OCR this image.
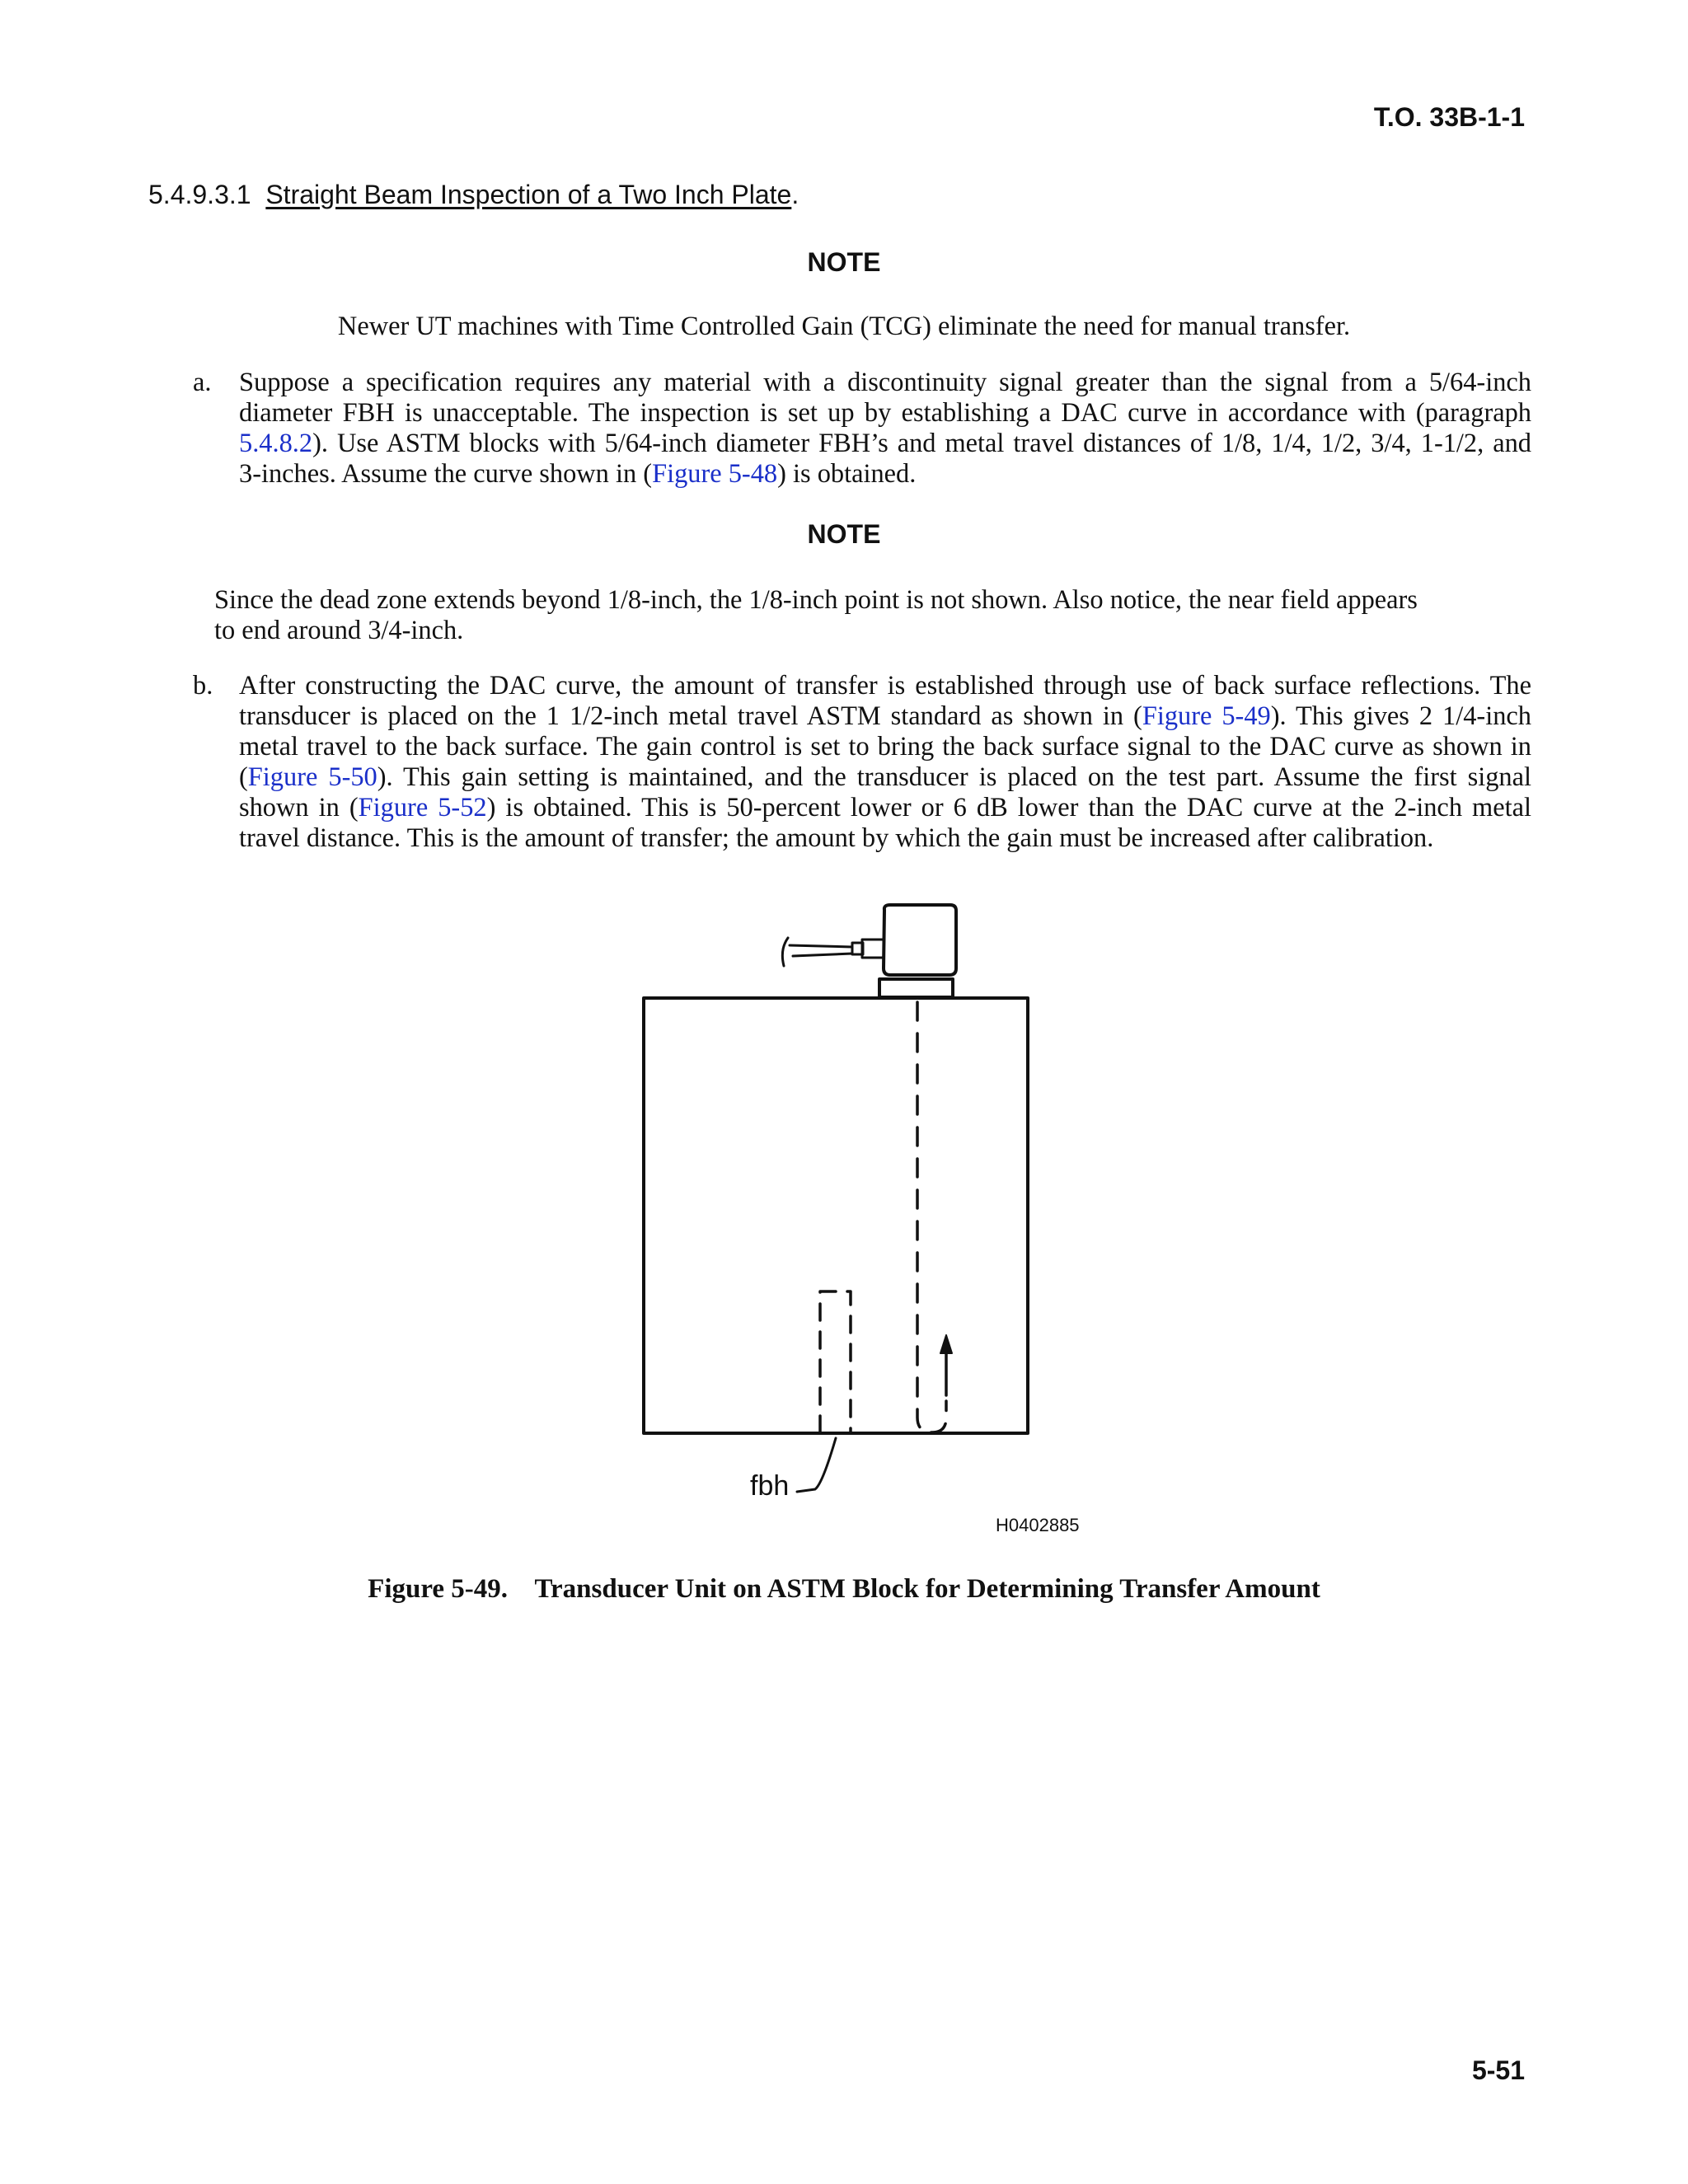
T.O. 33B-1-1
5.4.9.3.1 Straight Beam Inspection of a Two Inch Plate.
NOTE
Newer UT machines with Time Controlled Gain (TCG) eliminate the need for manual transfer.
a. Suppose a specification requires any material with a discontinuity signal greater than the signal from a 5/64-inch
diameter FBH is unacceptable. The inspection is set up by establishing a DAC curve in accordance with (paragraph
5.4.8.2). Use ASTM blocks with 5/64-inch diameter FBH’s and metal travel distances of 1/8, 1/4, 1/2, 3/4, 1-1/2, and
3-inches. Assume the curve shown in (Figure 5-48) is obtained.
NOTE
Since the dead zone extends beyond 1/8-inch, the 1/8-inch point is not shown. Also notice, the near field appears
to end around 3/4-inch.
b. After constructing the DAC curve, the amount of transfer is established through use of back surface reflections. The
transducer is placed on the 1 1/2-inch metal travel ASTM standard as shown in (Figure 5-49). This gives 2 1/4-inch
metal travel to the back surface. The gain control is set to bring the back surface signal to the DAC curve as shown in
(Figure 5-50). This gain setting is maintained, and the transducer is placed on the test part. Assume the first signal
shown in (Figure 5-52) is obtained. This is 50-percent lower or 6 dB lower than the DAC curve at the 2-inch metal
travel distance. This is the amount of transfer; the amount by which the gain must be increased after calibration.
fbh
H0402885
Figure 5-49. Transducer Unit on ASTM Block for Determining Transfer Amount
5-51
